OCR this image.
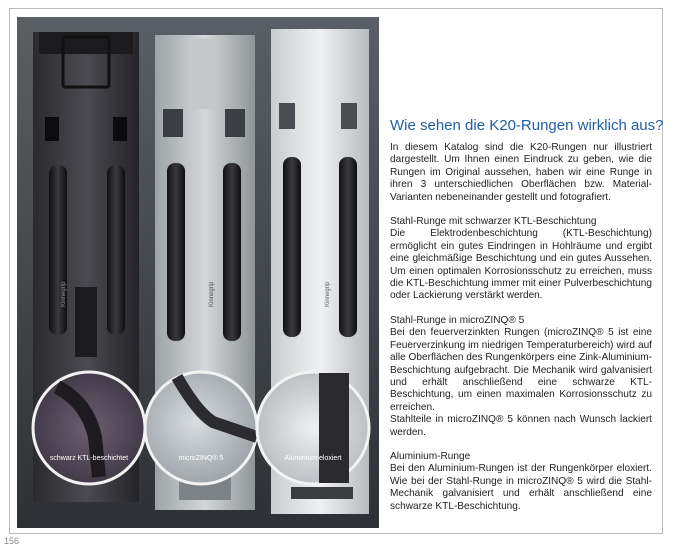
Kinnegrip	Kinnegrip	Kinnegrip
schwarz KTL-beschichtet	microZINQ® 5	Aluminium eloxiert
Wie sehen die K20-Rungen wirklich aus?

In diesem Katalog sind die K20-Rungen nur illustriert dargestellt. Um Ihnen einen Eindruck zu geben, wie die Rungen im Original aussehen, haben wir eine Runge in ihren 3 unterschiedlichen Oberflächen bzw. Material-Varianten nebeneinander gestellt und fotografiert.

Stahl-Runge mit schwarzer KTL-Beschichtung

Die Elektrodenbeschichtung (KTL-Beschichtung) ermöglicht ein gutes Eindringen in Hohlräume und ergibt eine gleichmäßige Beschichtung und ein gutes Aussehen. Um einen optimalen Korrosionsschutz zu erreichen, muss die KTL-Beschichtung immer mit einer Pulverbeschichtung oder Lackierung verstärkt werden.

Stahl-Runge in microZINQ® 5

Bei den feuerverzinkten Rungen (microZINQ® 5 ist eine Feuerverzinkung im niedrigen Temperaturbereich) wird auf alle Oberflächen des Rungenkörpers eine Zink-Aluminium-Beschichtung aufgebracht. Die Mechanik wird galvanisiert und erhält anschließend eine schwarze KTL-Beschichtung, um einen maximalen Korrosionsschutz zu erreichen.

Stahlteile in microZINQ® 5 können nach Wunsch lackiert werden.

Aluminium-Runge

Bei den Aluminium-Rungen ist der Rungenkörper eloxiert. Wie bei der Stahl-Runge in microZINQ® 5 wird die Stahl-Mechanik galvanisiert und erhält anschließend eine schwarze KTL-Beschichtung.

156
